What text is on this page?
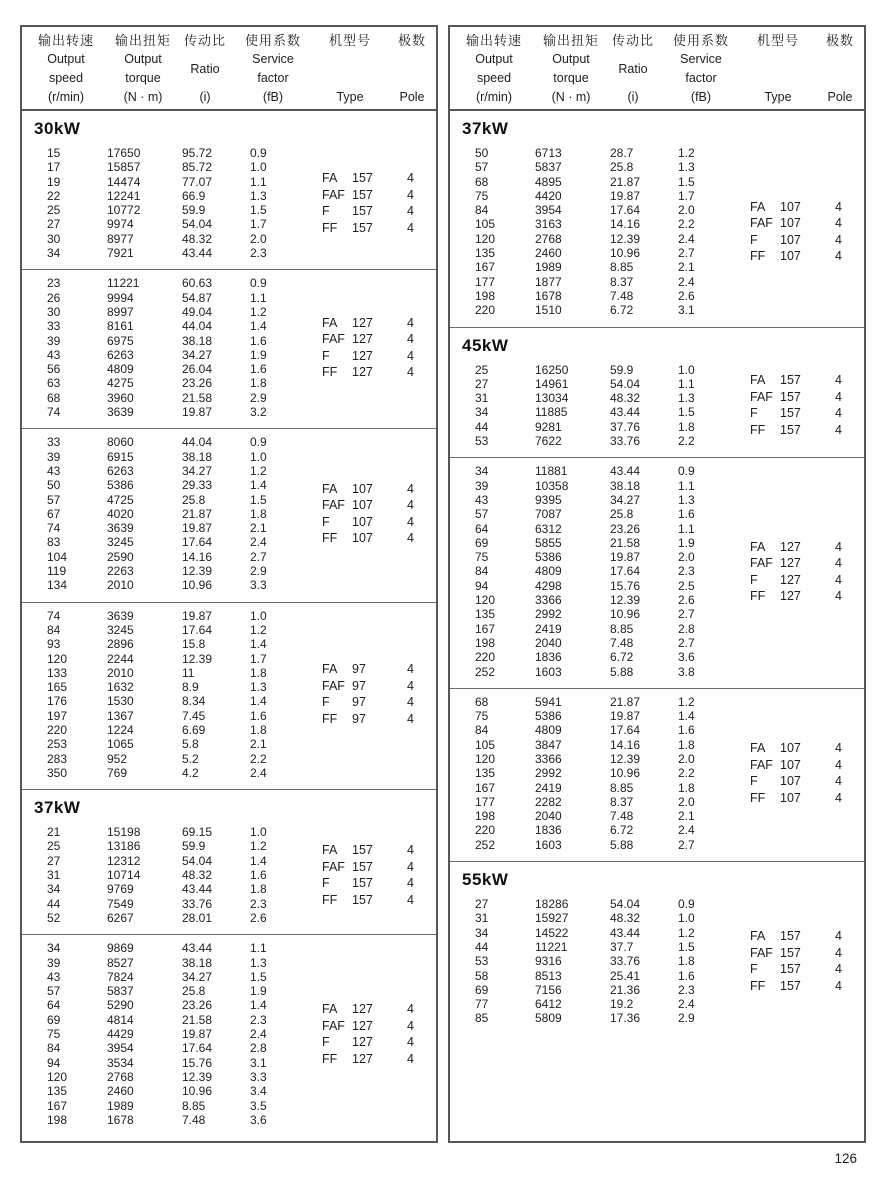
输出转速
Output
speed
(r/min)
输出扭矩
Output
torque
(N · m)
传动比
Ratio
(i)
使用系数
Service
factor
(fB)
机型号
Type
极数
Pole
30kW
15	17650	95.72	0.9
17	15857	85.72	1.0
19	14474	77.07	1.1
22	12241	66.9	1.3
25	10772	59.9	1.5
27	9974	54.04	1.7
30	8977	48.32	2.0
34	7921	43.44	2.3
FA	157	4
FAF 157	4
F	157	4
FF	157	4
23	11221	60.63	0.9
26	9994	54.87	1.1
30	8997	49.04	1.2
33	8161	44.04	1.4
39	6975	38.18	1.6
43	6263	34.27	1.9
56	4809	26.04	1.6
63	4275	23.26	1.8
68	3960	21.58	2.9
74	3639	19.87	3.2
FA	127	4
FAF 127	4
F	127	4
FF	127	4
33	8060	44.04	0.9
39	6915	38.18	1.0
43	6263	34.27	1.2
50	5386	29.33	1.4
57	4725	25.8	1.5
67	4020	21.87	1.8
74	3639	19.87	2.1
83	3245	17.64	2.4
104	2590	14.16	2.7
119	2263	12.39	2.9
134	2010	10.96	3.3
FA	107	4
FAF 107	4
F	107	4
FF	107	4
74	3639	19.87	1.0
84	3245	17.64	1.2
93	2896	15.8	1.4
120	2244	12.39	1.7
133	2010	11	1.8
165	1632	8.9	1.3
176	1530	8.34	1.4
197	1367	7.45	1.6
220	1224	6.69	1.8
253	1065	5.8	2.1
283	952	5.2	2.2
350	769	4.2	2.4
FA	97	4
FAF 97	4
F	97	4
FF	97	4
37kW
21	15198	69.15	1.0
25	13186	59.9	1.2
27	12312	54.04	1.4
31	10714	48.32	1.6
34	9769	43.44	1.8
44	7549	33.76	2.3
52	6267	28.01	2.6
FA	157	4
FAF 157	4
F	157	4
FF	157	4
34	9869	43.44	1.1
39	8527	38.18	1.3
43	7824	34.27	1.5
57	5837	25.8	1.9
64	5290	23.26	1.4
69	4814	21.58	2.3
75	4429	19.87	2.4
84	3954	17.64	2.8
94	3534	15.76	3.1
120	2768	12.39	3.3
135	2460	10.96	3.4
167	1989	8.85	3.5
198	1678	7.48	3.6
FA	127	4
FAF 127	4
F	127	4
FF	127	4
输出转速
Output
speed
(r/min)
输出扭矩
Output
torque
(N · m)
传动比
Ratio
(i)
使用系数
Service
factor
(fB)
机型号
Type
极数
Pole
37kW
50	6713	28.7	1.2
57	5837	25.8	1.3
68	4895	21.87	1.5
75	4420	19.87	1.7
84	3954	17.64	2.0
105	3163	14.16	2.2
120	2768	12.39	2.4
135	2460	10.96	2.7
167	1989	8.85	2.1
177	1877	8.37	2.4
198	1678	7.48	2.6
220	1510	6.72	3.1
FA	107	4
FAF 107	4
F	107	4
FF	107	4
45kW
25	16250	59.9	1.0
27	14961	54.04	1.1
31	13034	48.32	1.3
34	11885	43.44	1.5
44	9281	37.76	1.8
53	7622	33.76	2.2
FA	157	4
FAF 157	4
F	157	4
FF	157	4
34	11881	43.44	0.9
39	10358	38.18	1.1
43	9395	34.27	1.3
57	7087	25.8	1.6
64	6312	23.26	1.1
69	5855	21.58	1.9
75	5386	19.87	2.0
84	4809	17.64	2.3
94	4298	15.76	2.5
120	3366	12.39	2.6
135	2992	10.96	2.7
167	2419	8.85	2.8
198	2040	7.48	2.7
220	1836	6.72	3.6
252	1603	5.88	3.8
FA	127	4
FAF 127	4
F	127	4
FF	127	4
68	5941	21.87	1.2
75	5386	19.87	1.4
84	4809	17.64	1.6
105	3847	14.16	1.8
120	3366	12.39	2.0
135	2992	10.96	2.2
167	2419	8.85	1.8
177	2282	8.37	2.0
198	2040	7.48	2.1
220	1836	6.72	2.4
252	1603	5.88	2.7
FA	107	4
FAF 107	4
F	107	4
FF	107	4
55kW
27	18286	54.04	0.9
31	15927	48.32	1.0
34	14522	43.44	1.2
44	11221	37.7	1.5
53	9316	33.76	1.8
58	8513	25.41	1.6
69	7156	21.36	2.3
77	6412	19.2	2.4
85	5809	17.36	2.9
FA	157	4
FAF 157	4
F	157	4
FF	157	4
126
